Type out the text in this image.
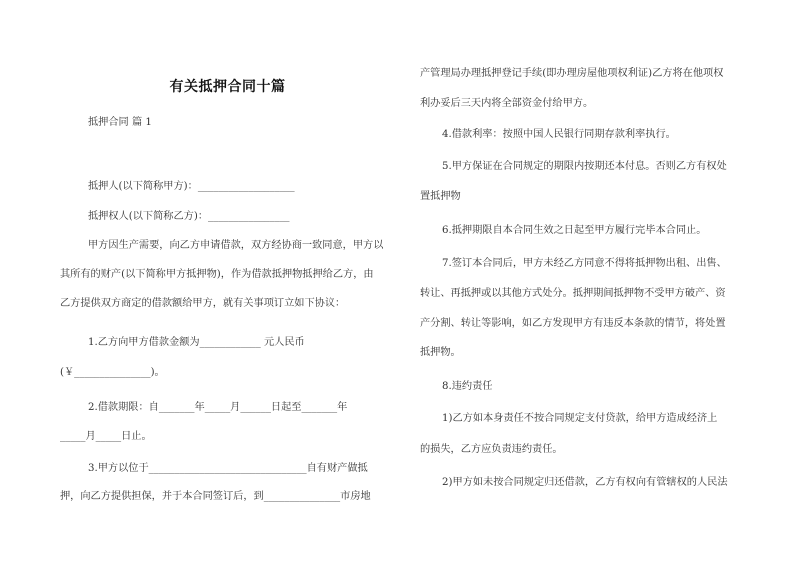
有关抵押合同十篇
抵押合同 篇 1
抵押人(以下简称甲方)：___________________
抵押权人(以下简称乙方)：________________
甲方因生产需要，向乙方申请借款，双方经协商一致同意，甲方以
其所有的财产(以下简称甲方抵押物)，作为借款抵押物抵押给乙方，由
乙方提供双方商定的借款额给甲方，就有关事项订立如下协议：
1.乙方向甲方借款金额为____________ 元人民币
(￥_______________)。
2.借款期限：自_______年_____月______日起至_______年
_____月_____日止。
3.甲方以位于_______________________________自有财产做抵
押，向乙方提供担保，并于本合同签订后，到_______________市房地
产管理局办理抵押登记手续(即办理房屋他项权利证)乙方将在他项权
利办妥后三天内将全部资金付给甲方。
4.借款利率：按照中国人民银行同期存款利率执行。
5.甲方保证在合同规定的期限内按期还本付息。否则乙方有权处
置抵押物
6.抵押期限自本合同生效之日起至甲方履行完毕本合同止。
7.签订本合同后，甲方未经乙方同意不得将抵押物出租、出售、
转让、再抵押或以其他方式处分。抵押期间抵押物不受甲方破产、资
产分割、转让等影响，如乙方发现甲方有违反本条款的情节，将处置
抵押物。
8.违约责任
1)乙方如本身责任不按合同规定支付贷款，给甲方造成经济上
的损失，乙方应负责违约责任。
2)甲方如未按合同规定归还借款，乙方有权向有管辖权的人民法
